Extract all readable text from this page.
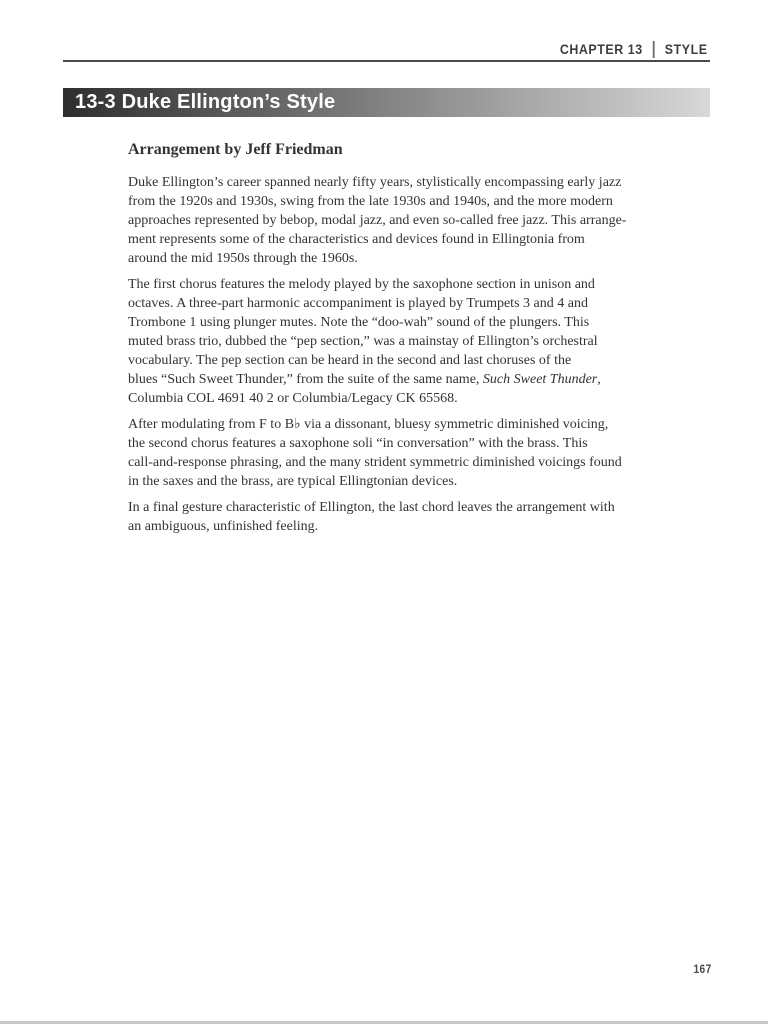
CHAPTER 13 STYLE
13-3 Duke Ellington’s Style
Arrangement by Jeff Friedman
Duke Ellington’s career spanned nearly fifty years, stylistically encompassing early jazz
from the 1920s and 1930s, swing from the late 1930s and 1940s, and the more modern
approaches represented by bebop, modal jazz, and even so-called free jazz. This arrange-
ment represents some of the characteristics and devices found in Ellingtonia from
around the mid 1950s through the 1960s.
The first chorus features the melody played by the saxophone section in unison and
octaves. A three-part harmonic accompaniment is played by Trumpets 3 and 4 and
Trombone 1 using plunger mutes. Note the “doo-wah” sound of the plungers. This
muted brass trio, dubbed the “pep section,” was a mainstay of Ellington’s orchestral
vocabulary. The pep section can be heard in the second and last choruses of the
blues “Such Sweet Thunder,” from the suite of the same name, Such Sweet Thunder,
Columbia COL 4691 40 2 or Columbia/Legacy CK 65568.
After modulating from F to B♭ via a dissonant, bluesy symmetric diminished voicing,
the second chorus features a saxophone soli “in conversation” with the brass. This
call-and-response phrasing, and the many strident symmetric diminished voicings found
in the saxes and the brass, are typical Ellingtonian devices.
In a final gesture characteristic of Ellington, the last chord leaves the arrangement with
an ambiguous, unfinished feeling.
167
